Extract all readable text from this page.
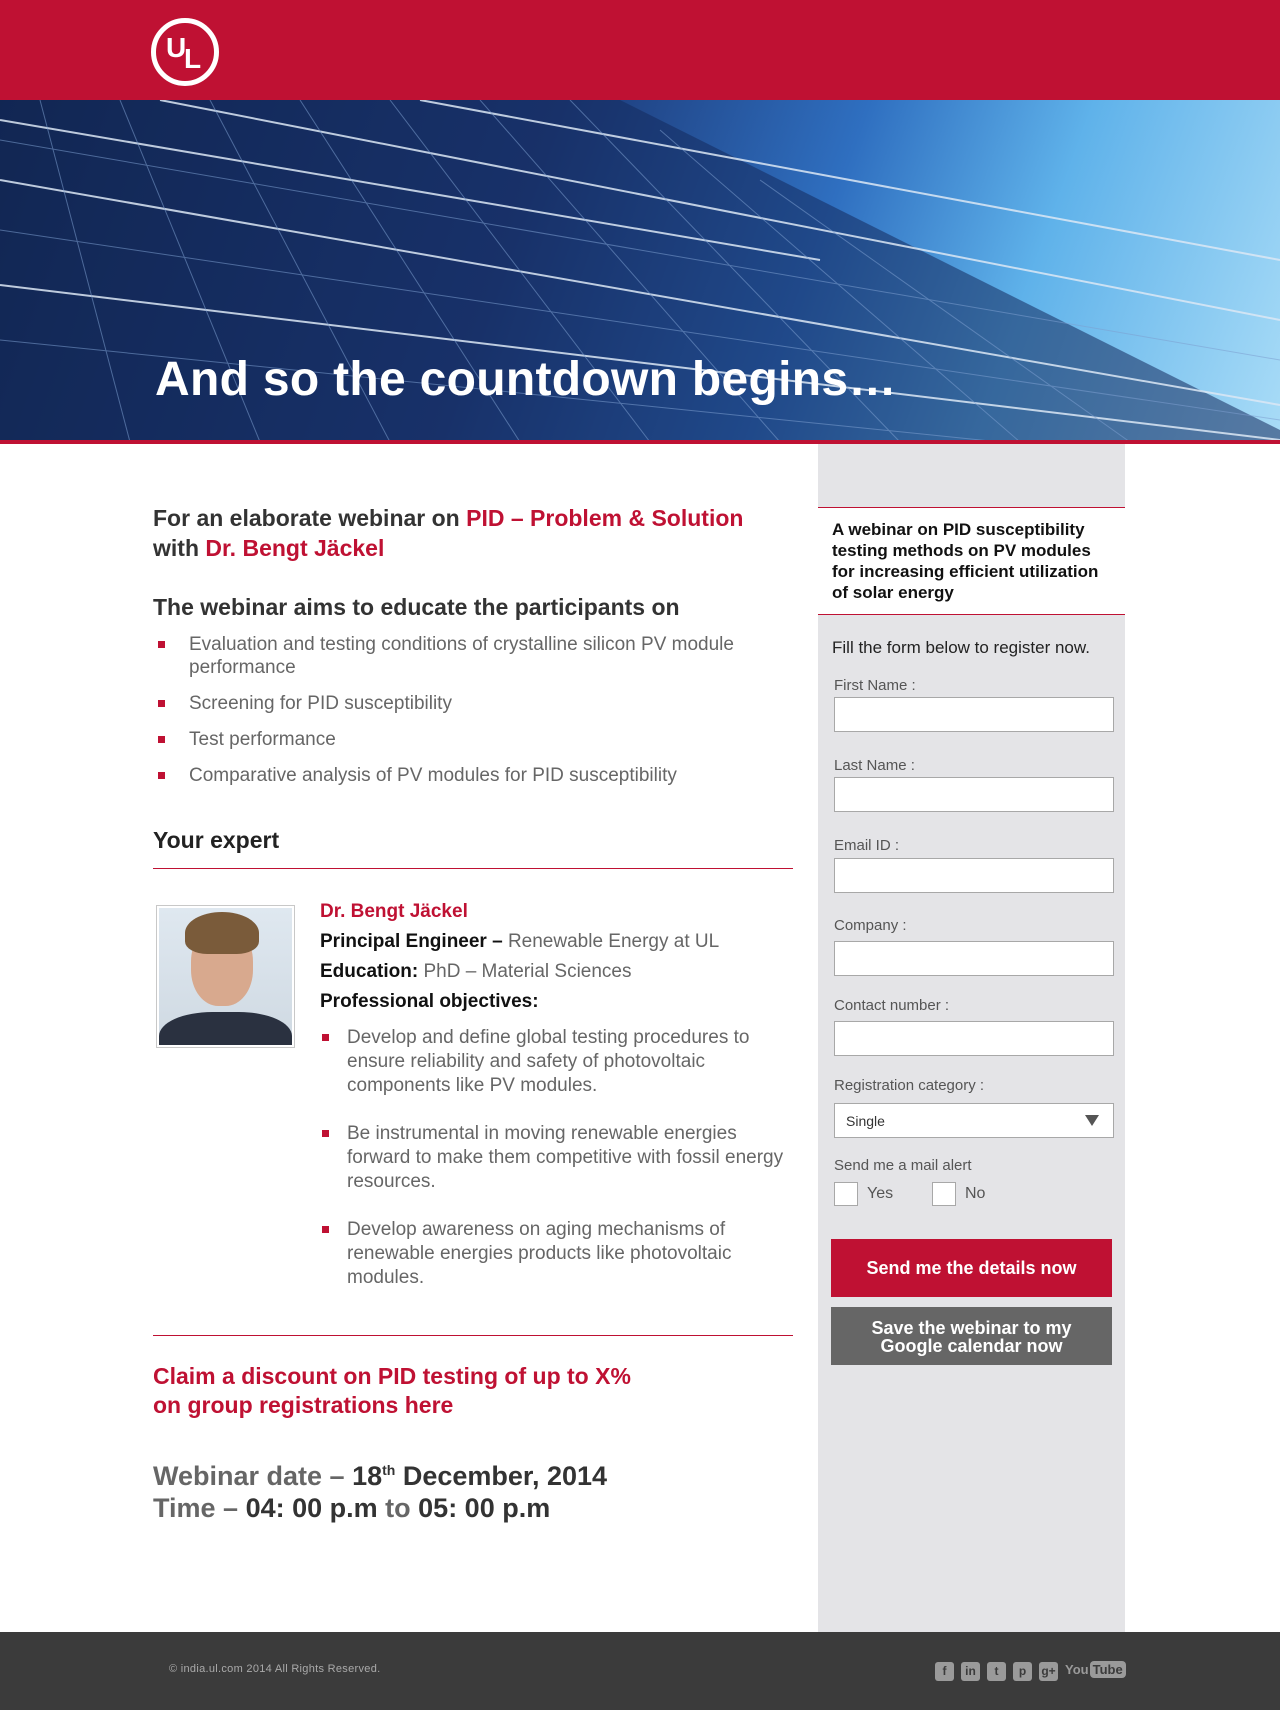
U
L
And so the countdown begins…
For an elaborate webinar on PID – Problem & Solution
with Dr. Bengt Jäckel
The webinar aims to educate the participants on
Evaluation and testing conditions of crystalline silicon PV module performance
Screening for PID susceptibility
Test performance
Comparative analysis of PV modules for PID susceptibility
Your expert
Dr. Bengt Jäckel
Principal Engineer – Renewable Energy at UL
Education: PhD – Material Sciences
Professional objectives:
Develop and define global testing procedures to ensure reliability and safety of photovoltaic components like PV modules.
Be instrumental in moving renewable energies forward to make them competitive with fossil energy resources.
Develop awareness on aging mechanisms of renewable energies products like photovoltaic modules.
Claim a discount on PID testing of up to X%
on group registrations here
Webinar date – 18th December, 2014
Time – 04: 00 p.m to 05: 00 p.m
A webinar on PID susceptibility testing methods on PV modules for increasing efficient utilization of solar energy
Fill the form below to register now.
First Name :
Last Name :
Email ID :
Company :
Contact number :
Registration category :
Single
Send me a mail alert
Yes	No
Send me the details now
Save the webinar to my
Google calendar now
© india.ul.com 2014 All Rights Reserved.	f	in	t	p	g+ You Tube
